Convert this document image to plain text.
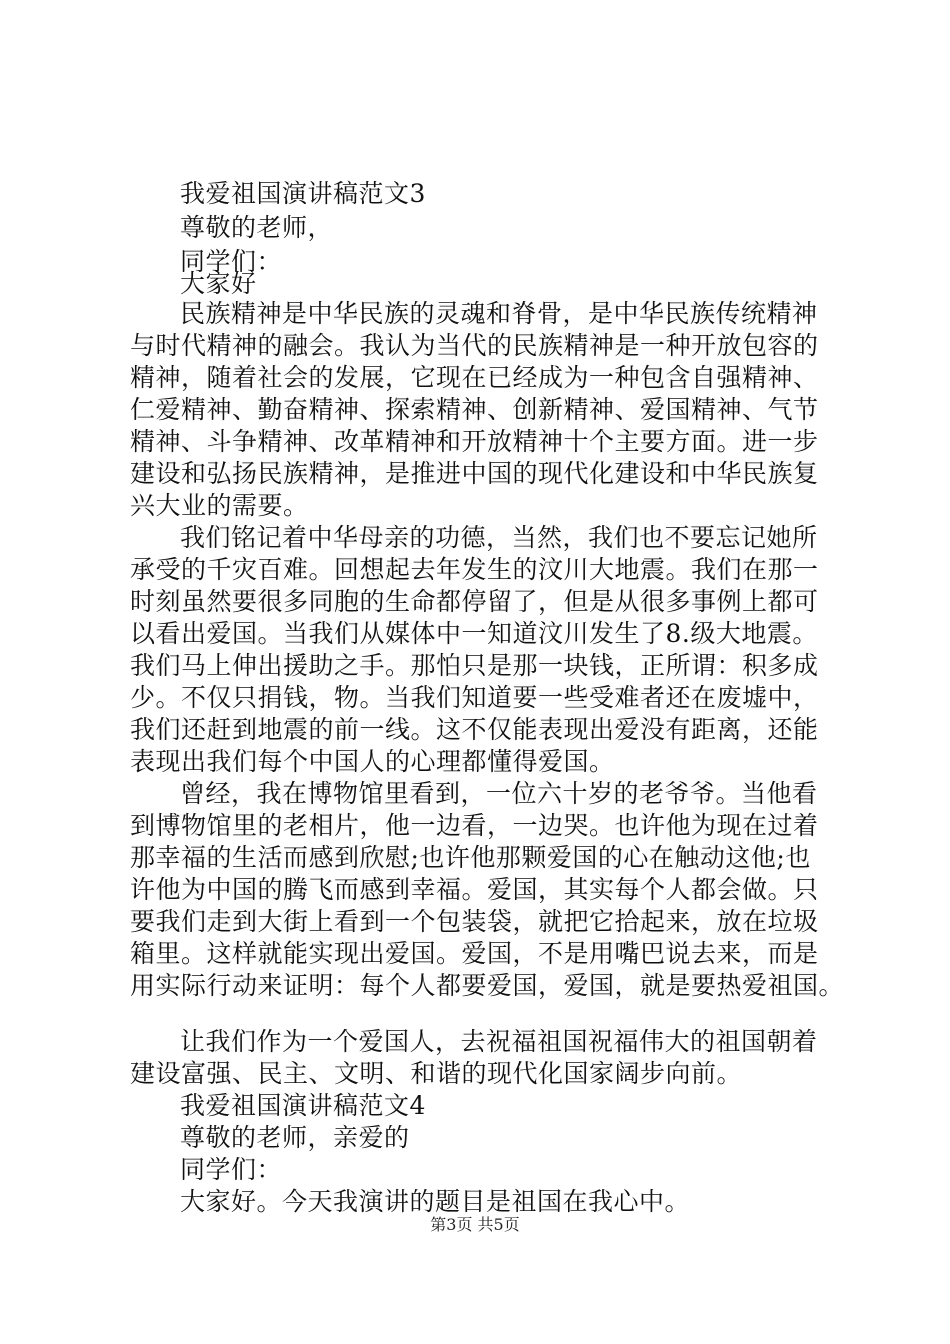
我爱祖国演讲稿范文3
尊敬的老师，
同学们：
大家好
民族精神是中华民族的灵魂和脊骨，是中华民族传统精神
与时代精神的融会。我认为当代的民族精神是一种开放包容的
精神，随着社会的发展，它现在已经成为一种包含自强精神、
仁爱精神、勤奋精神、探索精神、创新精神、爱国精神、气节
精神、斗争精神、改革精神和开放精神十个主要方面。进一步
建设和弘扬民族精神，是推进中国的现代化建设和中华民族复
兴大业的需要。
我们铭记着中华母亲的功德，当然，我们也不要忘记她所
承受的千灾百难。回想起去年发生的汶川大地震。我们在那一
时刻虽然要很多同胞的生命都停留了，但是从很多事例上都可
以看出爱国。当我们从媒体中一知道汶川发生了8.级大地震。
我们马上伸出援助之手。那怕只是那一块钱，正所谓：积多成
少。不仅只捐钱，物。当我们知道要一些受难者还在废墟中，
我们还赶到地震的前一线。这不仅能表现出爱没有距离，还能
表现出我们每个中国人的心理都懂得爱国。
曾经，我在博物馆里看到，一位六十岁的老爷爷。当他看
到博物馆里的老相片，他一边看，一边哭。也许他为现在过着
那幸福的生活而感到欣慰;也许他那颗爱国的心在触动这他;也
许他为中国的腾飞而感到幸福。爱国，其实每个人都会做。只
要我们走到大街上看到一个包装袋，就把它拾起来，放在垃圾
箱里。这样就能实现出爱国。爱国，不是用嘴巴说去来，而是
用实际行动来证明：每个人都要爱国，爱国，就是要热爱祖国。
让我们作为一个爱国人，去祝福祖国祝福伟大的祖国朝着
建设富强、民主、文明、和谐的现代化国家阔步向前。
我爱祖国演讲稿范文4
尊敬的老师，亲爱的
同学们：
大家好。今天我演讲的题目是祖国在我心中。
第3页 共5页
